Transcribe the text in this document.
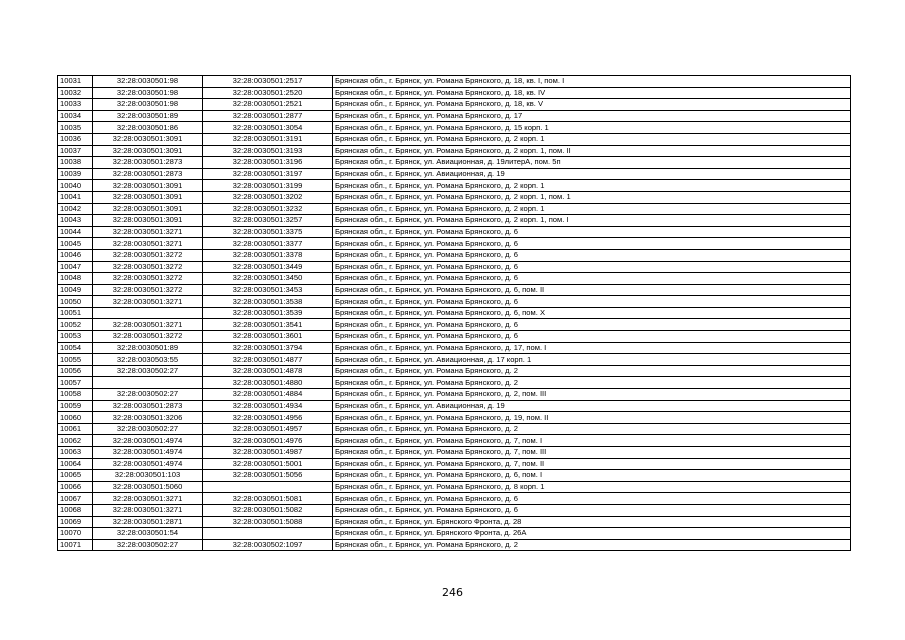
10031	32:28:0030501:98	32:28:0030501:2517	Брянская обл., г. Брянск, ул. Романа Брянского, д. 18, кв. I, пом. I
10032	32:28:0030501:98	32:28:0030501:2520	Брянская обл., г. Брянск, ул. Романа Брянского, д. 18, кв. IV
10033	32:28:0030501:98	32:28:0030501:2521	Брянская обл., г. Брянск, ул. Романа Брянского, д. 18, кв. V
10034	32:28:0030501:89	32:28:0030501:2877	Брянская обл., г. Брянск, ул. Романа Брянского, д. 17
10035	32:28:0030501:86	32:28:0030501:3054	Брянская обл., г. Брянск, ул. Романа Брянского, д. 15 корп. 1
10036	32:28:0030501:3091	32:28:0030501:3191	Брянская обл., г. Брянск, ул. Романа Брянского, д. 2 корп. 1
10037	32:28:0030501:3091	32:28:0030501:3193	Брянская обл., г. Брянск, ул. Романа Брянского, д. 2 корп. 1, пом. II
10038	32:28:0030501:2873	32:28:0030501:3196	Брянская обл., г. Брянск, ул. Авиационная, д. 19литерA, пом. 5п
10039	32:28:0030501:2873	32:28:0030501:3197	Брянская обл., г. Брянск, ул. Авиационная, д. 19
10040	32:28:0030501:3091	32:28:0030501:3199	Брянская обл., г. Брянск, ул. Романа Брянского, д. 2 корп. 1
10041	32:28:0030501:3091	32:28:0030501:3202	Брянская обл., г. Брянск, ул. Романа Брянского, д. 2 корп. 1, пом. 1
10042	32:28:0030501:3091	32:28:0030501:3232	Брянская обл., г. Брянск, ул. Романа Брянского, д. 2 корп. 1
10043	32:28:0030501:3091	32:28:0030501:3257	Брянская обл., г. Брянск, ул. Романа Брянского, д. 2 корп. 1, пом. I
10044	32:28:0030501:3271	32:28:0030501:3375	Брянская обл., г. Брянск, ул. Романа Брянского, д. 6
10045	32:28:0030501:3271	32:28:0030501:3377	Брянская обл., г. Брянск, ул. Романа Брянского, д. 6
10046	32:28:0030501:3272	32:28:0030501:3378	Брянская обл., г. Брянск, ул. Романа Брянского, д. 6
10047	32:28:0030501:3272	32:28:0030501:3449	Брянская обл., г. Брянск, ул. Романа Брянского, д. 6
10048	32:28:0030501:3272	32:28:0030501:3450	Брянская обл., г. Брянск, ул. Романа Брянского, д. 6
10049	32:28:0030501:3272	32:28:0030501:3453	Брянская обл., г. Брянск, ул. Романа Брянского, д. 6, пом. II
10050	32:28:0030501:3271	32:28:0030501:3538	Брянская обл., г. Брянск, ул. Романа Брянского, д. 6
10051		32:28:0030501:3539	Брянская обл., г. Брянск, ул. Романа Брянского, д. 6, пом. X
10052	32:28:0030501:3271	32:28:0030501:3541	Брянская обл., г. Брянск, ул. Романа Брянского, д. 6
10053	32:28:0030501:3272	32:28:0030501:3601	Брянская обл., г. Брянск, ул. Романа Брянского, д. 6
10054	32:28:0030501:89	32:28:0030501:3794	Брянская обл., г. Брянск, ул. Романа Брянского, д. 17, пом. I
10055	32:28:0030503:55	32:28:0030501:4877	Брянская обл., г. Брянск, ул. Авиационная, д. 17 корп. 1
10056	32:28:0030502:27	32:28:0030501:4878	Брянская обл., г. Брянск, ул. Романа Брянского, д. 2
10057		32:28:0030501:4880	Брянская обл., г. Брянск, ул. Романа Брянского, д. 2
10058	32:28:0030502:27	32:28:0030501:4884	Брянская обл., г. Брянск, ул. Романа Брянского, д. 2, пом. III
10059	32:28:0030501:2873	32:28:0030501:4934	Брянская обл., г. Брянск, ул. Авиационная, д. 19
10060	32:28:0030501:3206	32:28:0030501:4956	Брянская обл., г. Брянск, ул. Романа Брянского, д. 19, пом. II
10061	32:28:0030502:27	32:28:0030501:4957	Брянская обл., г. Брянск, ул. Романа Брянского, д. 2
10062	32:28:0030501:4974	32:28:0030501:4976	Брянская обл., г. Брянск, ул. Романа Брянского, д. 7, пом. I
10063	32:28:0030501:4974	32:28:0030501:4987	Брянская обл., г. Брянск, ул. Романа Брянского, д. 7, пом. III
10064	32:28:0030501:4974	32:28:0030501:5001	Брянская обл., г. Брянск, ул. Романа Брянского, д. 7, пом. II
10065	32:28:0030501:103	32:28:0030501:5056	Брянская обл., г. Брянск, ул. Романа Брянского, д. 6, пом. I
10066	32:28:0030501:5060		Брянская обл., г. Брянск, ул. Романа Брянского, д. 8 корп. 1
10067	32:28:0030501:3271	32:28:0030501:5081	Брянская обл., г. Брянск, ул. Романа Брянского, д. 6
10068	32:28:0030501:3271	32:28:0030501:5082	Брянская обл., г. Брянск, ул. Романа Брянского, д. 6
10069	32:28:0030501:2871	32:28:0030501:5088	Брянская обл., г. Брянск, ул. Брянского Фронта, д. 28
10070	32:28:0030501:54		Брянская обл., г. Брянск, ул. Брянского Фронта, д. 26А
10071	32:28:0030502:27	32:28:0030502:1097	Брянская обл., г. Брянск, ул. Романа Брянского, д. 2
246
